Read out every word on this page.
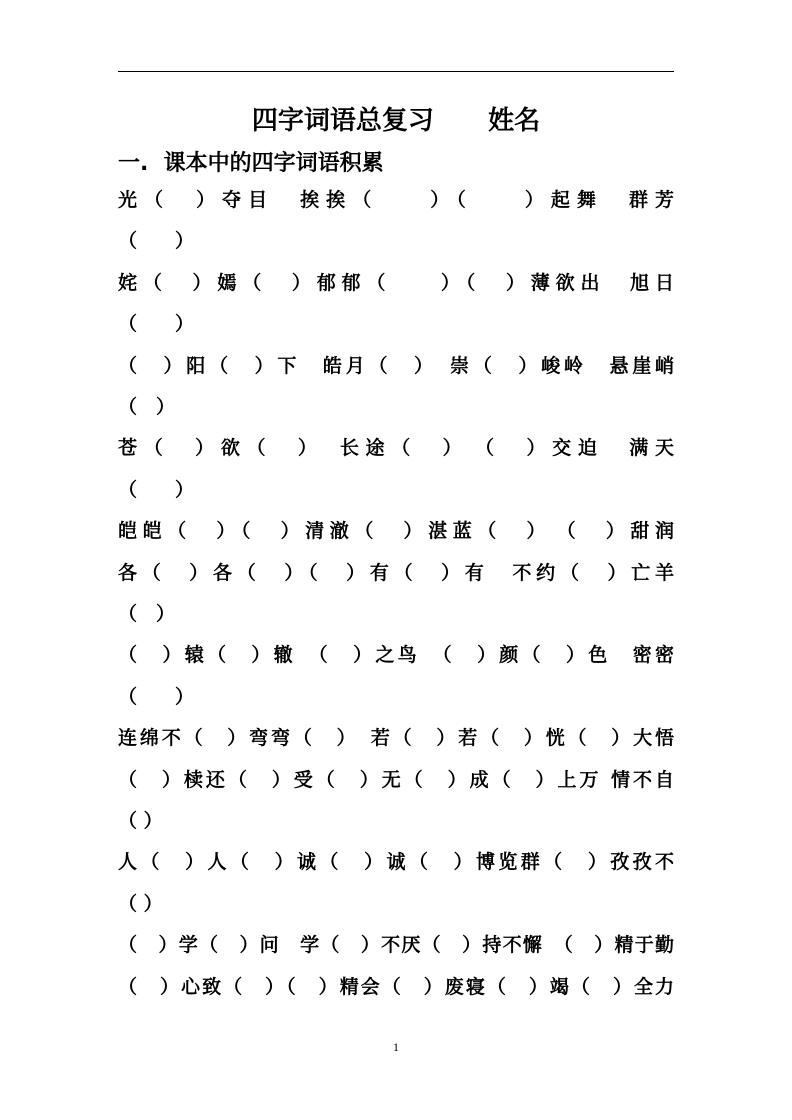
四字词语总复习      姓名
一.  课本中的四字词语积累
光（　）夺目　挨挨（　　）（　　）起舞　群芳
（　　）
姹（　）嫣（　）郁郁（　　）（　）薄欲出　旭日
（　　）
（　）阳（　）下　皓月（　）　崇（　）峻岭　悬崖峭
（　）
苍（　）欲（　）　长途（　）　（　）交迫　满天
（　　）
皑皑（　）（　）清澈（　）湛蓝（　）　（　）甜润
各（　）各（　）（　）有（　）有　不约（　）亡羊
（　）
（　）辕（　）辙　（　）之鸟　（　）颜（　）色　密密
（　　）
连绵不（　）弯弯（　）　若（　）若（　）恍（　）大悟
（　）椟还（　）受（　）无（　）成（　）上万 情不自
（ ）
人（　）人（　）诚（　）诚（　）博览群（　）孜孜不
（ ）
（　）学（　）问　学（　）不厌（　）持不懈　（　）精于勤
（　）心致（　）（　）精会（　）废寝（　）竭（　）全力
1
